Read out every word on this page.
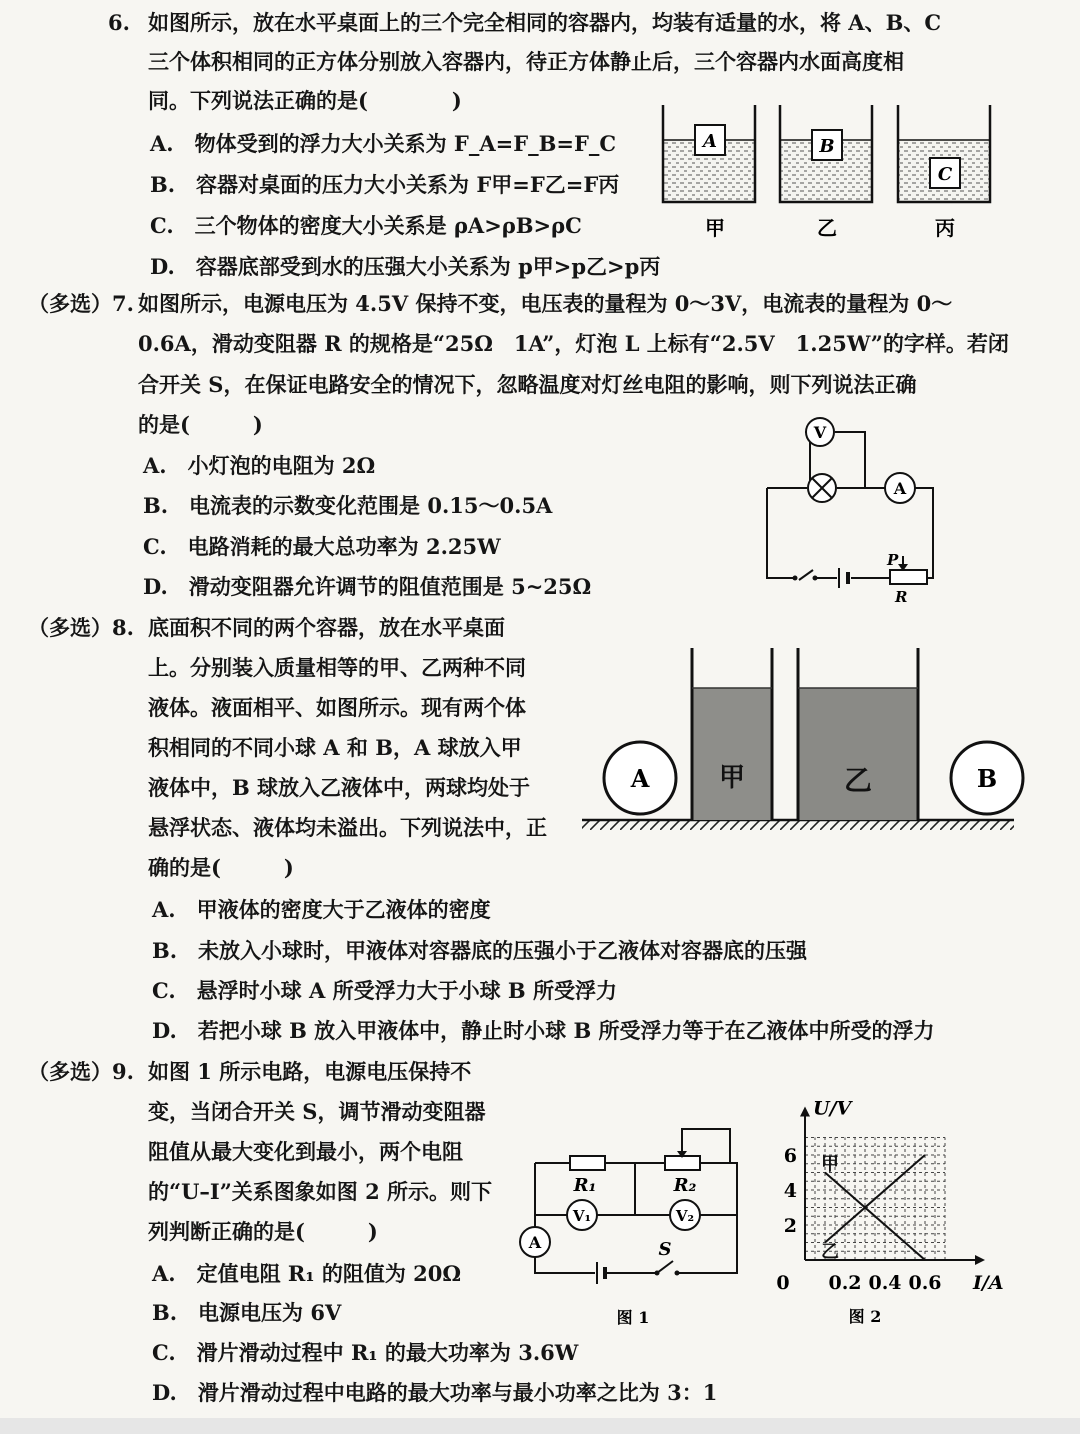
6. 如图所示，放在水平桌面上的三个完全相同的容器内，均装有适量的水，将 A、B、C
三个体积相同的正方体分别放入容器内，待正方体静止后，三个容器内水面高度相
同。下列说法正确的是(　　　　)
A.　物体受到的浮力大小关系为 F_A=F_B=F_C
B.　容器对桌面的压力大小关系为 F甲=F乙=F丙
C.　三个物体的密度大小关系是 ρA>ρB>ρC
D.　容器底部受到水的压强大小关系为 p甲>p乙>p丙
A
甲
B
乙
C
丙
（多选）7. 如图所示，电源电压为 4.5V 保持不变，电压表的量程为 0～3V，电流表的量程为 0～
0.6A，滑动变阻器 R 的规格是“25Ω　1A”，灯泡 L 上标有“2.5V　1.25W”的字样。若闭
合开关 S，在保证电路安全的情况下，忽略温度对灯丝电阻的影响，则下列说法正确
的是(　　　)
A.　小灯泡的电阻为 2Ω
B.　电流表的示数变化范围是 0.15～0.5A
C.　电路消耗的最大总功率为 2.25W
D.　滑动变阻器允许调节的阻值范围是 5~25Ω
V
A
P
R
（多选）8. 底面积不同的两个容器，放在水平桌面
上。分别装入质量相等的甲、乙两种不同
液体。液面相平、如图所示。现有两个体
积相同的不同小球 A 和 B，A 球放入甲
液体中，B 球放入乙液体中，两球均处于
悬浮状态、液体均未溢出。下列说法中，正
确的是(　　　)
A.　甲液体的密度大于乙液体的密度
B.　未放入小球时，甲液体对容器底的压强小于乙液体对容器底的压强
C.　悬浮时小球 A 所受浮力大于小球 B 所受浮力
D.　若把小球 B 放入甲液体中，静止时小球 B 所受浮力等于在乙液体中所受的浮力
甲	乙
A	B
（多选）9. 如图 1 所示电路，电源电压保持不
变，当闭合开关 S，调节滑动变阻器
阻值从最大变化到最小，两个电阻
的“U–I”关系图象如图 2 所示。则下
列判断正确的是(　　　)
A.　定值电阻 R₁ 的阻值为 20Ω
B.　电源电压为 6V
C.　滑片滑动过程中 R₁ 的最大功率为 3.6W
D.　滑片滑动过程中电路的最大功率与最小功率之比为 3：1
R₁	R₂
V₁	V₂
A	S
图 1
U/V
I/A
0 0.2 0.4 0.6
2
4
6 甲
乙
图 2
